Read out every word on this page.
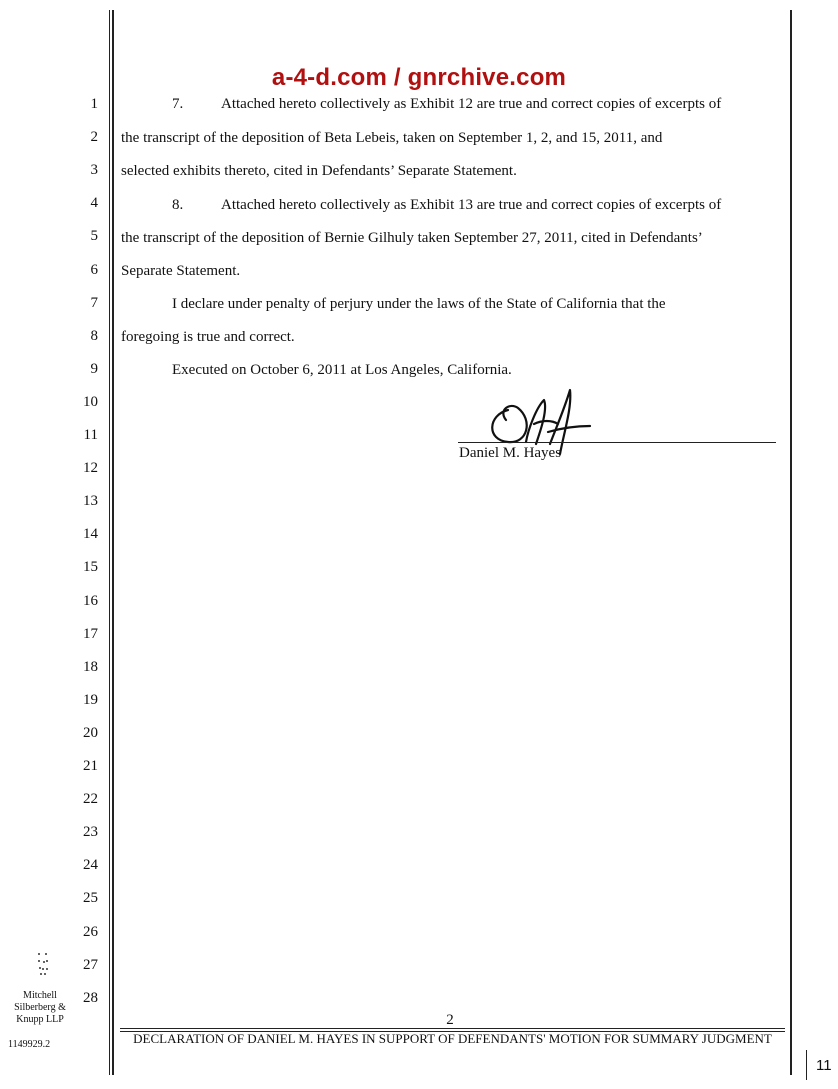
a-4-d.com / gnrchive.com
1
2
3
4
5
6
7
8
9
10
11
12
13
14
15
16
17
18
19
20
21
22
23
24
25
26
27
28
7.	Attached hereto collectively as Exhibit 12 are true and correct copies of excerpts of
the transcript of the deposition of Beta Lebeis, taken on September 1, 2, and 15, 2011, and
selected exhibits thereto, cited in Defendants’ Separate Statement.
8.	Attached hereto collectively as Exhibit 13 are true and correct copies of excerpts of
the transcript of the deposition of Bernie Gilhuly taken September 27, 2011, cited in Defendants’
Separate Statement.
I declare under penalty of perjury under the laws of the State of California that the
foregoing is true and correct.
Executed on October 6, 2011 at Los Angeles, California.
Daniel M. Hayes
2
DECLARATION OF DANIEL M. HAYES IN SUPPORT OF DEFENDANTS' MOTION FOR SUMMARY JUDGMENT
Mitchell
Silberberg &
Knupp LLP
1149929.2
11
